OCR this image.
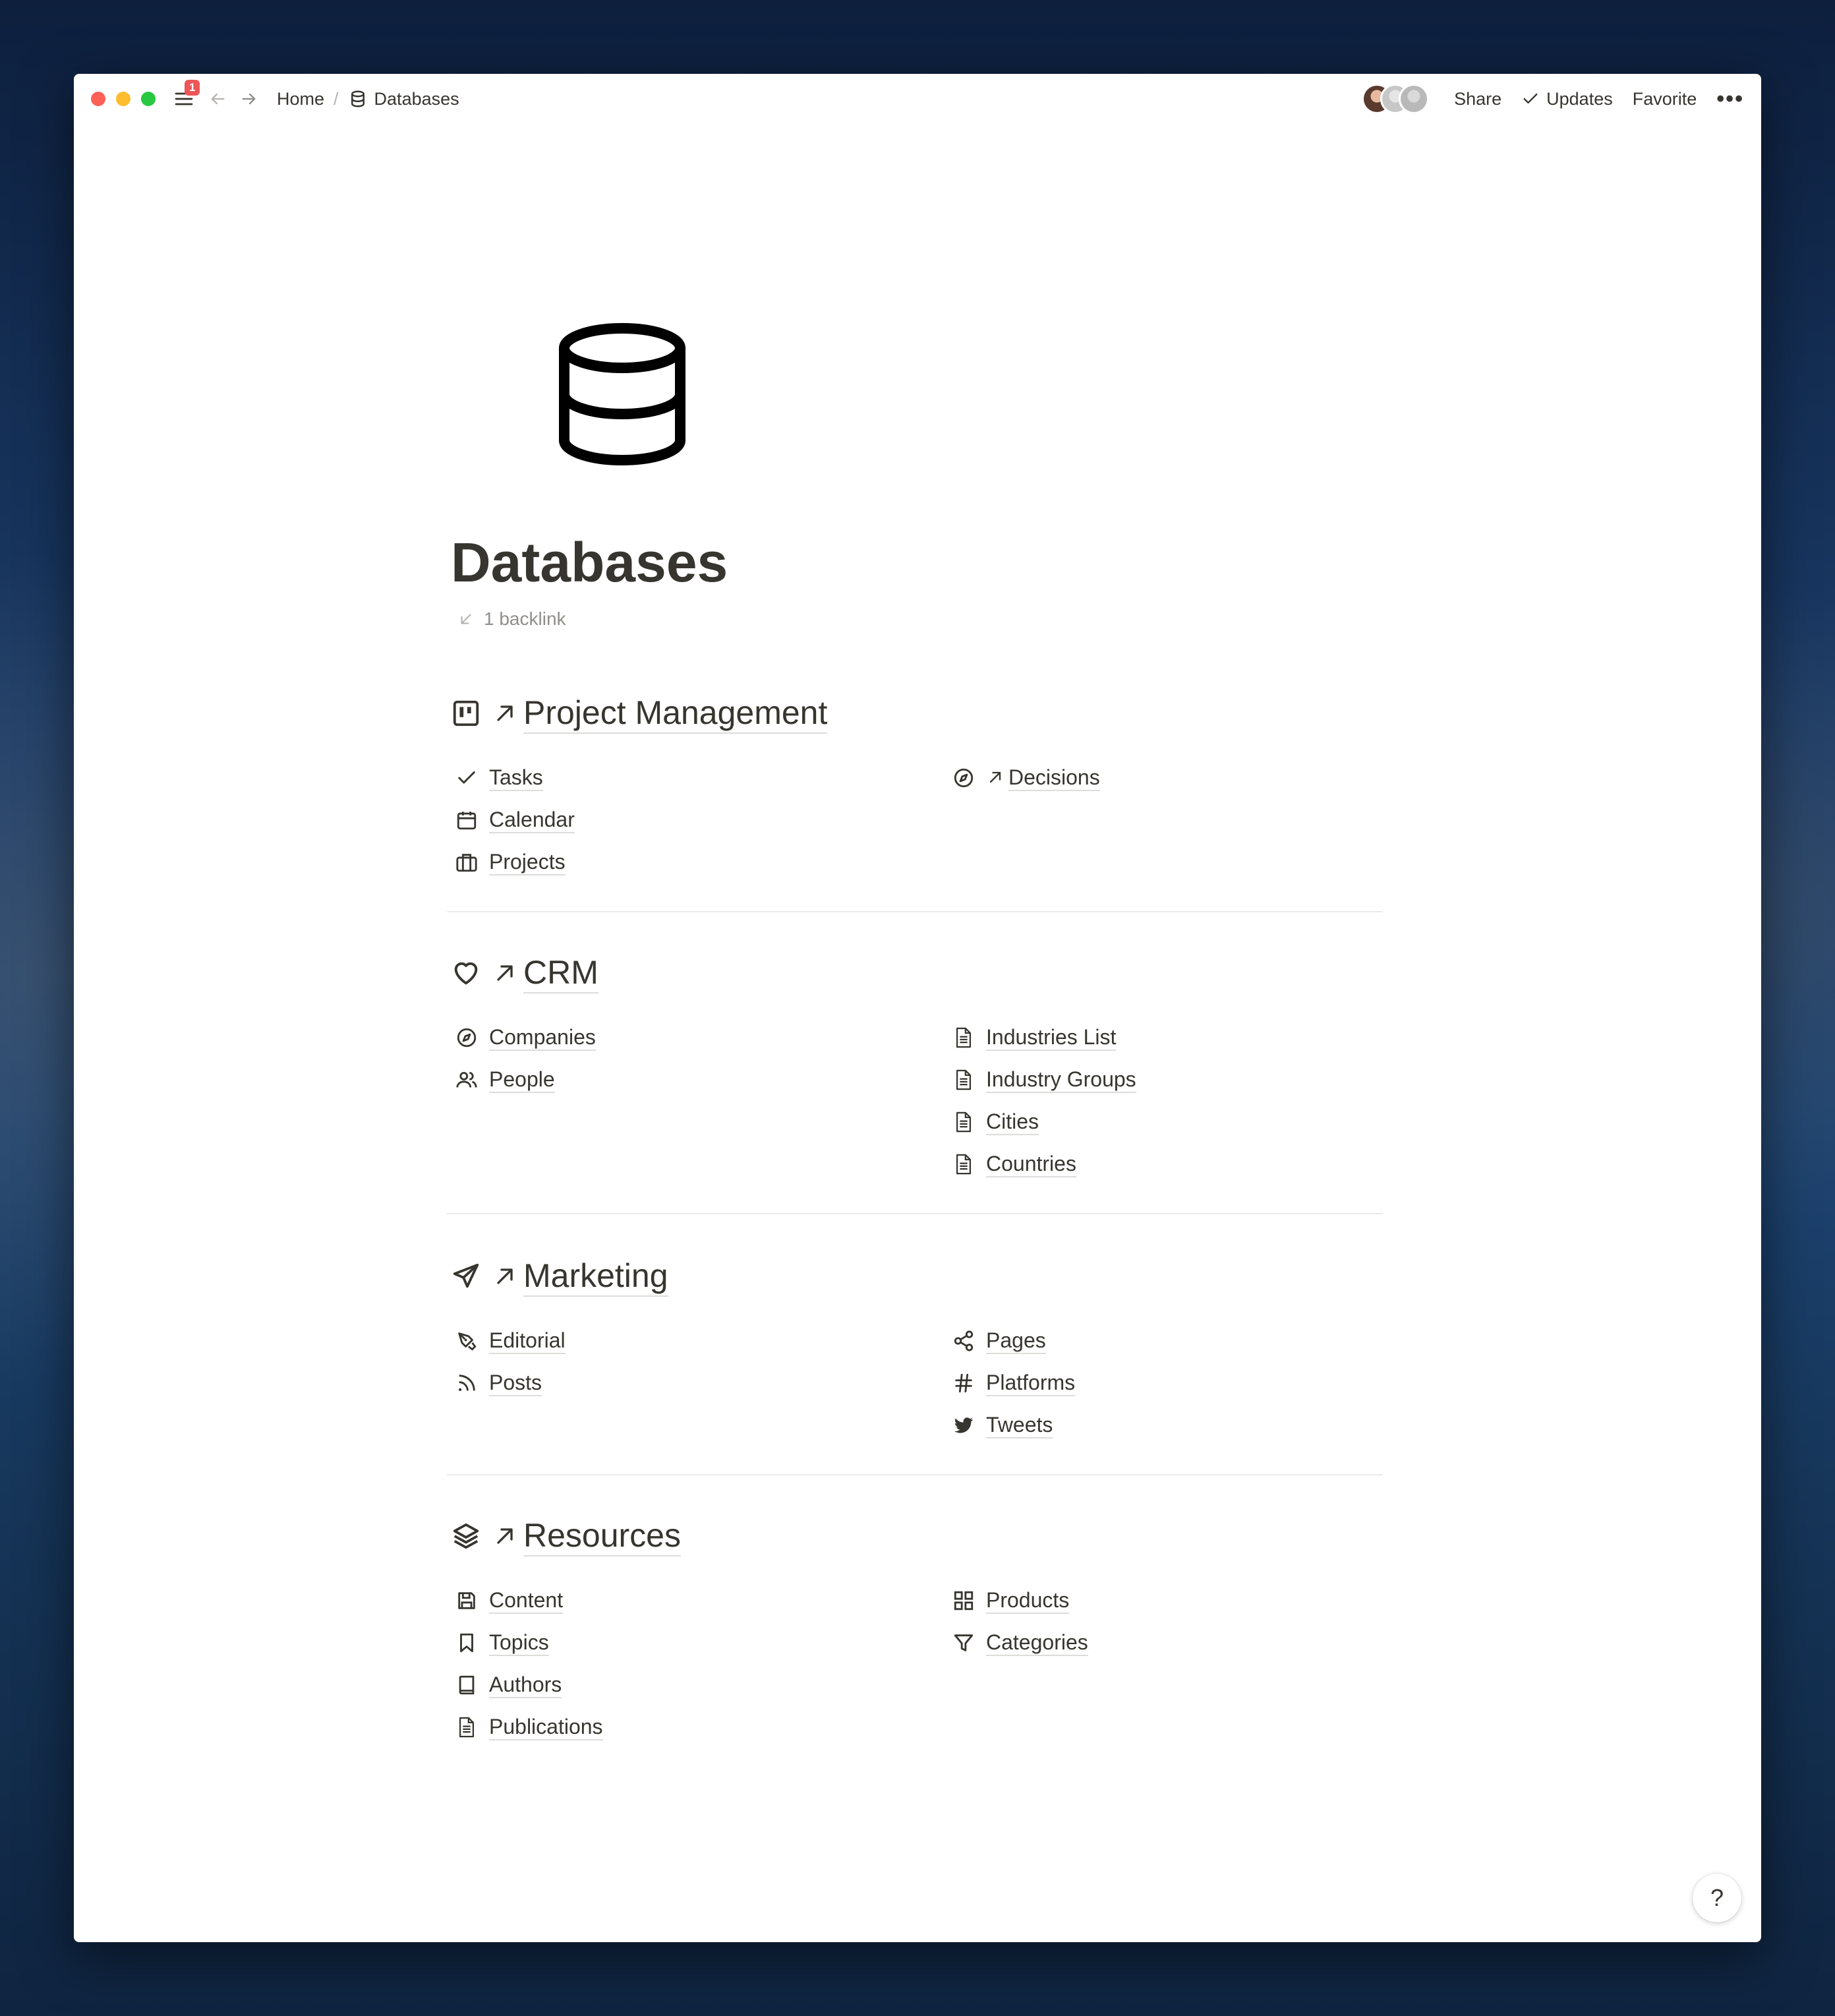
1
Home / Databases	Share	Updates Favorite •••
Databases
1 backlink
Project Management
Tasks
Calendar
Projects
Decisions
CRM
Companies
People
Industries List
Industry Groups
Cities
Countries
Marketing
Editorial
Posts
Pages
Platforms
Tweets
Resources
Content
Topics
Authors
Publications
Products
Categories
?
